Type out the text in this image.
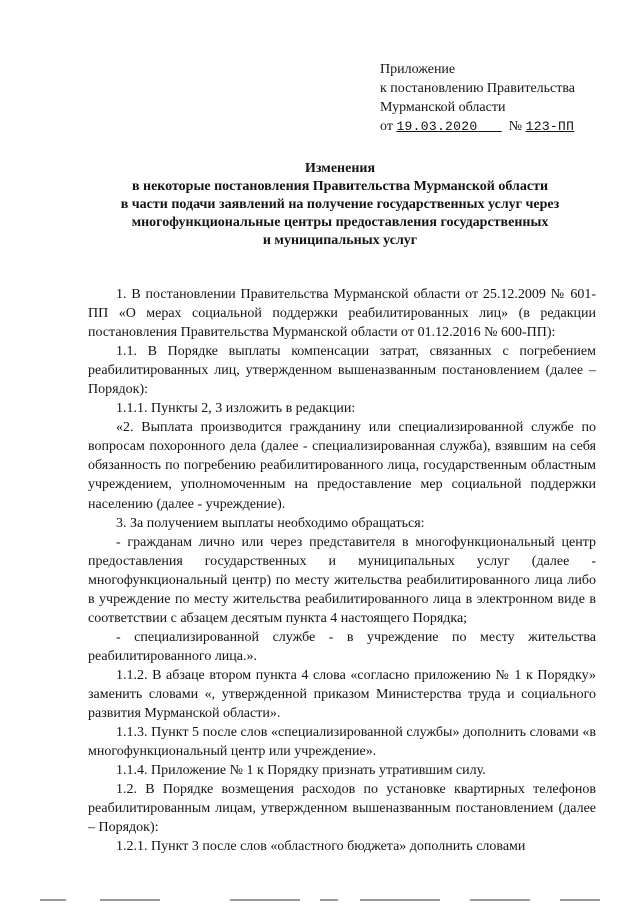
Приложение
к постановлению Правительства
Мурманской области
от 19.03.2020 № 123-ПП
Изменения
в некоторые постановления Правительства Мурманской области
в части подачи заявлений на получение государственных услуг через
многофункциональные центры предоставления государственных
и муниципальных услуг

1. В постановлении Правительства Мурманской области от 25.12.2009 № 601-ПП «О мерах социальной поддержки реабилитированных лиц» (в редакции постановления Правительства Мурманской области от 01.12.2016 № 600-ПП):

1.1. В Порядке выплаты компенсации затрат, связанных с погребением реабилитированных лиц, утвержденном вышеназванным постановлением (далее – Порядок):

1.1.1. Пункты 2, 3 изложить в редакции:

«2. Выплата производится гражданину или специализированной службе по вопросам похоронного дела (далее - специализированная служба), взявшим на себя обязанность по погребению реабилитированного лица, государственным областным учреждением, уполномоченным на предоставление мер социальной поддержки населению (далее - учреждение).

3. За получением выплаты необходимо обращаться:

- гражданам лично или через представителя в многофункциональный центр предоставления государственных и муниципальных услуг (далее - многофункциональный центр) по месту жительства реабилитированного лица либо в учреждение по месту жительства реабилитированного лица в электронном виде в соответствии с абзацем десятым пункта 4 настоящего Порядка;

- специализированной службе - в учреждение по месту жительства реабилитированного лица.».

1.1.2. В абзаце втором пункта 4 слова «согласно приложению № 1 к Порядку» заменить словами «, утвержденной приказом Министерства труда и социального развития Мурманской области».

1.1.3. Пункт 5 после слов «специализированной службы» дополнить словами «в многофункциональный центр или учреждение».

1.1.4. Приложение № 1 к Порядку признать утратившим силу.

1.2. В Порядке возмещения расходов по установке квартирных телефонов реабилитированным лицам, утвержденном вышеназванным постановлением (далее – Порядок):

1.2.1. Пункт 3 после слов «областного бюджета» дополнить словами
